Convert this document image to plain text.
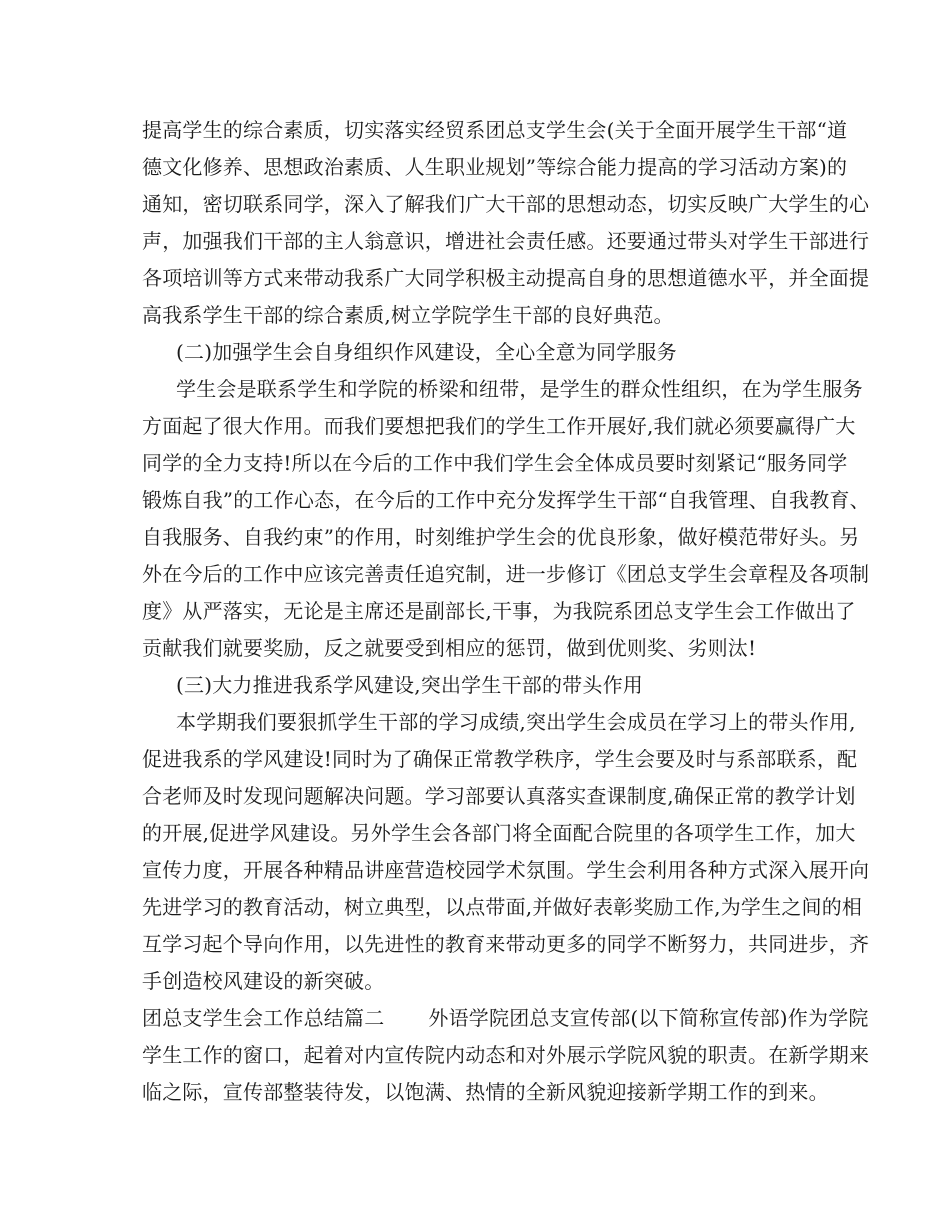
提高学生的综合素质，切实落实经贸系团总支学生会(关于全面开展学生干部“道
德文化修养、思想政治素质、人生职业规划”等综合能力提高的学习活动方案)的
通知，密切联系同学，深入了解我们广大干部的思想动态，切实反映广大学生的心
声，加强我们干部的主人翁意识，增进社会责任感。还要通过带头对学生干部进行
各项培训等方式来带动我系广大同学积极主动提高自身的思想道德水平，并全面提
高我系学生干部的综合素质,树立学院学生干部的良好典范。
(二)加强学生会自身组织作风建设，全心全意为同学服务
学生会是联系学生和学院的桥梁和纽带，是学生的群众性组织，在为学生服务
方面起了很大作用。而我们要想把我们的学生工作开展好,我们就必须要赢得广大
同学的全力支持!所以在今后的工作中我们学生会全体成员要时刻紧记“服务同学
锻炼自我”的工作心态，在今后的工作中充分发挥学生干部“自我管理、自我教育、
自我服务、自我约束”的作用，时刻维护学生会的优良形象，做好模范带好头。另
外在今后的工作中应该完善责任追究制，进一步修订《团总支学生会章程及各项制
度》从严落实，无论是主席还是副部长,干事，为我院系团总支学生会工作做出了
贡献我们就要奖励，反之就要受到相应的惩罚，做到优则奖、劣则汰!
(三)大力推进我系学风建设,突出学生干部的带头作用
本学期我们要狠抓学生干部的学习成绩,突出学生会成员在学习上的带头作用,
促进我系的学风建设!同时为了确保正常教学秩序，学生会要及时与系部联系，配
合老师及时发现问题解决问题。学习部要认真落实查课制度,确保正常的教学计划
的开展,促进学风建设。另外学生会各部门将全面配合院里的各项学生工作，加大
宣传力度，开展各种精品讲座营造校园学术氛围。学生会利用各种方式深入展开向
先进学习的教育活动，树立典型，以点带面,并做好表彰奖励工作,为学生之间的相
互学习起个导向作用，以先进性的教育来带动更多的同学不断努力，共同进步，齐
手创造校风建设的新突破。
团总支学生会工作总结篇二 外语学院团总支宣传部(以下简称宣传部)作为学院
学生工作的窗口，起着对内宣传院内动态和对外展示学院风貌的职责。在新学期来
临之际，宣传部整装待发，以饱满、热情的全新风貌迎接新学期工作的到来。
